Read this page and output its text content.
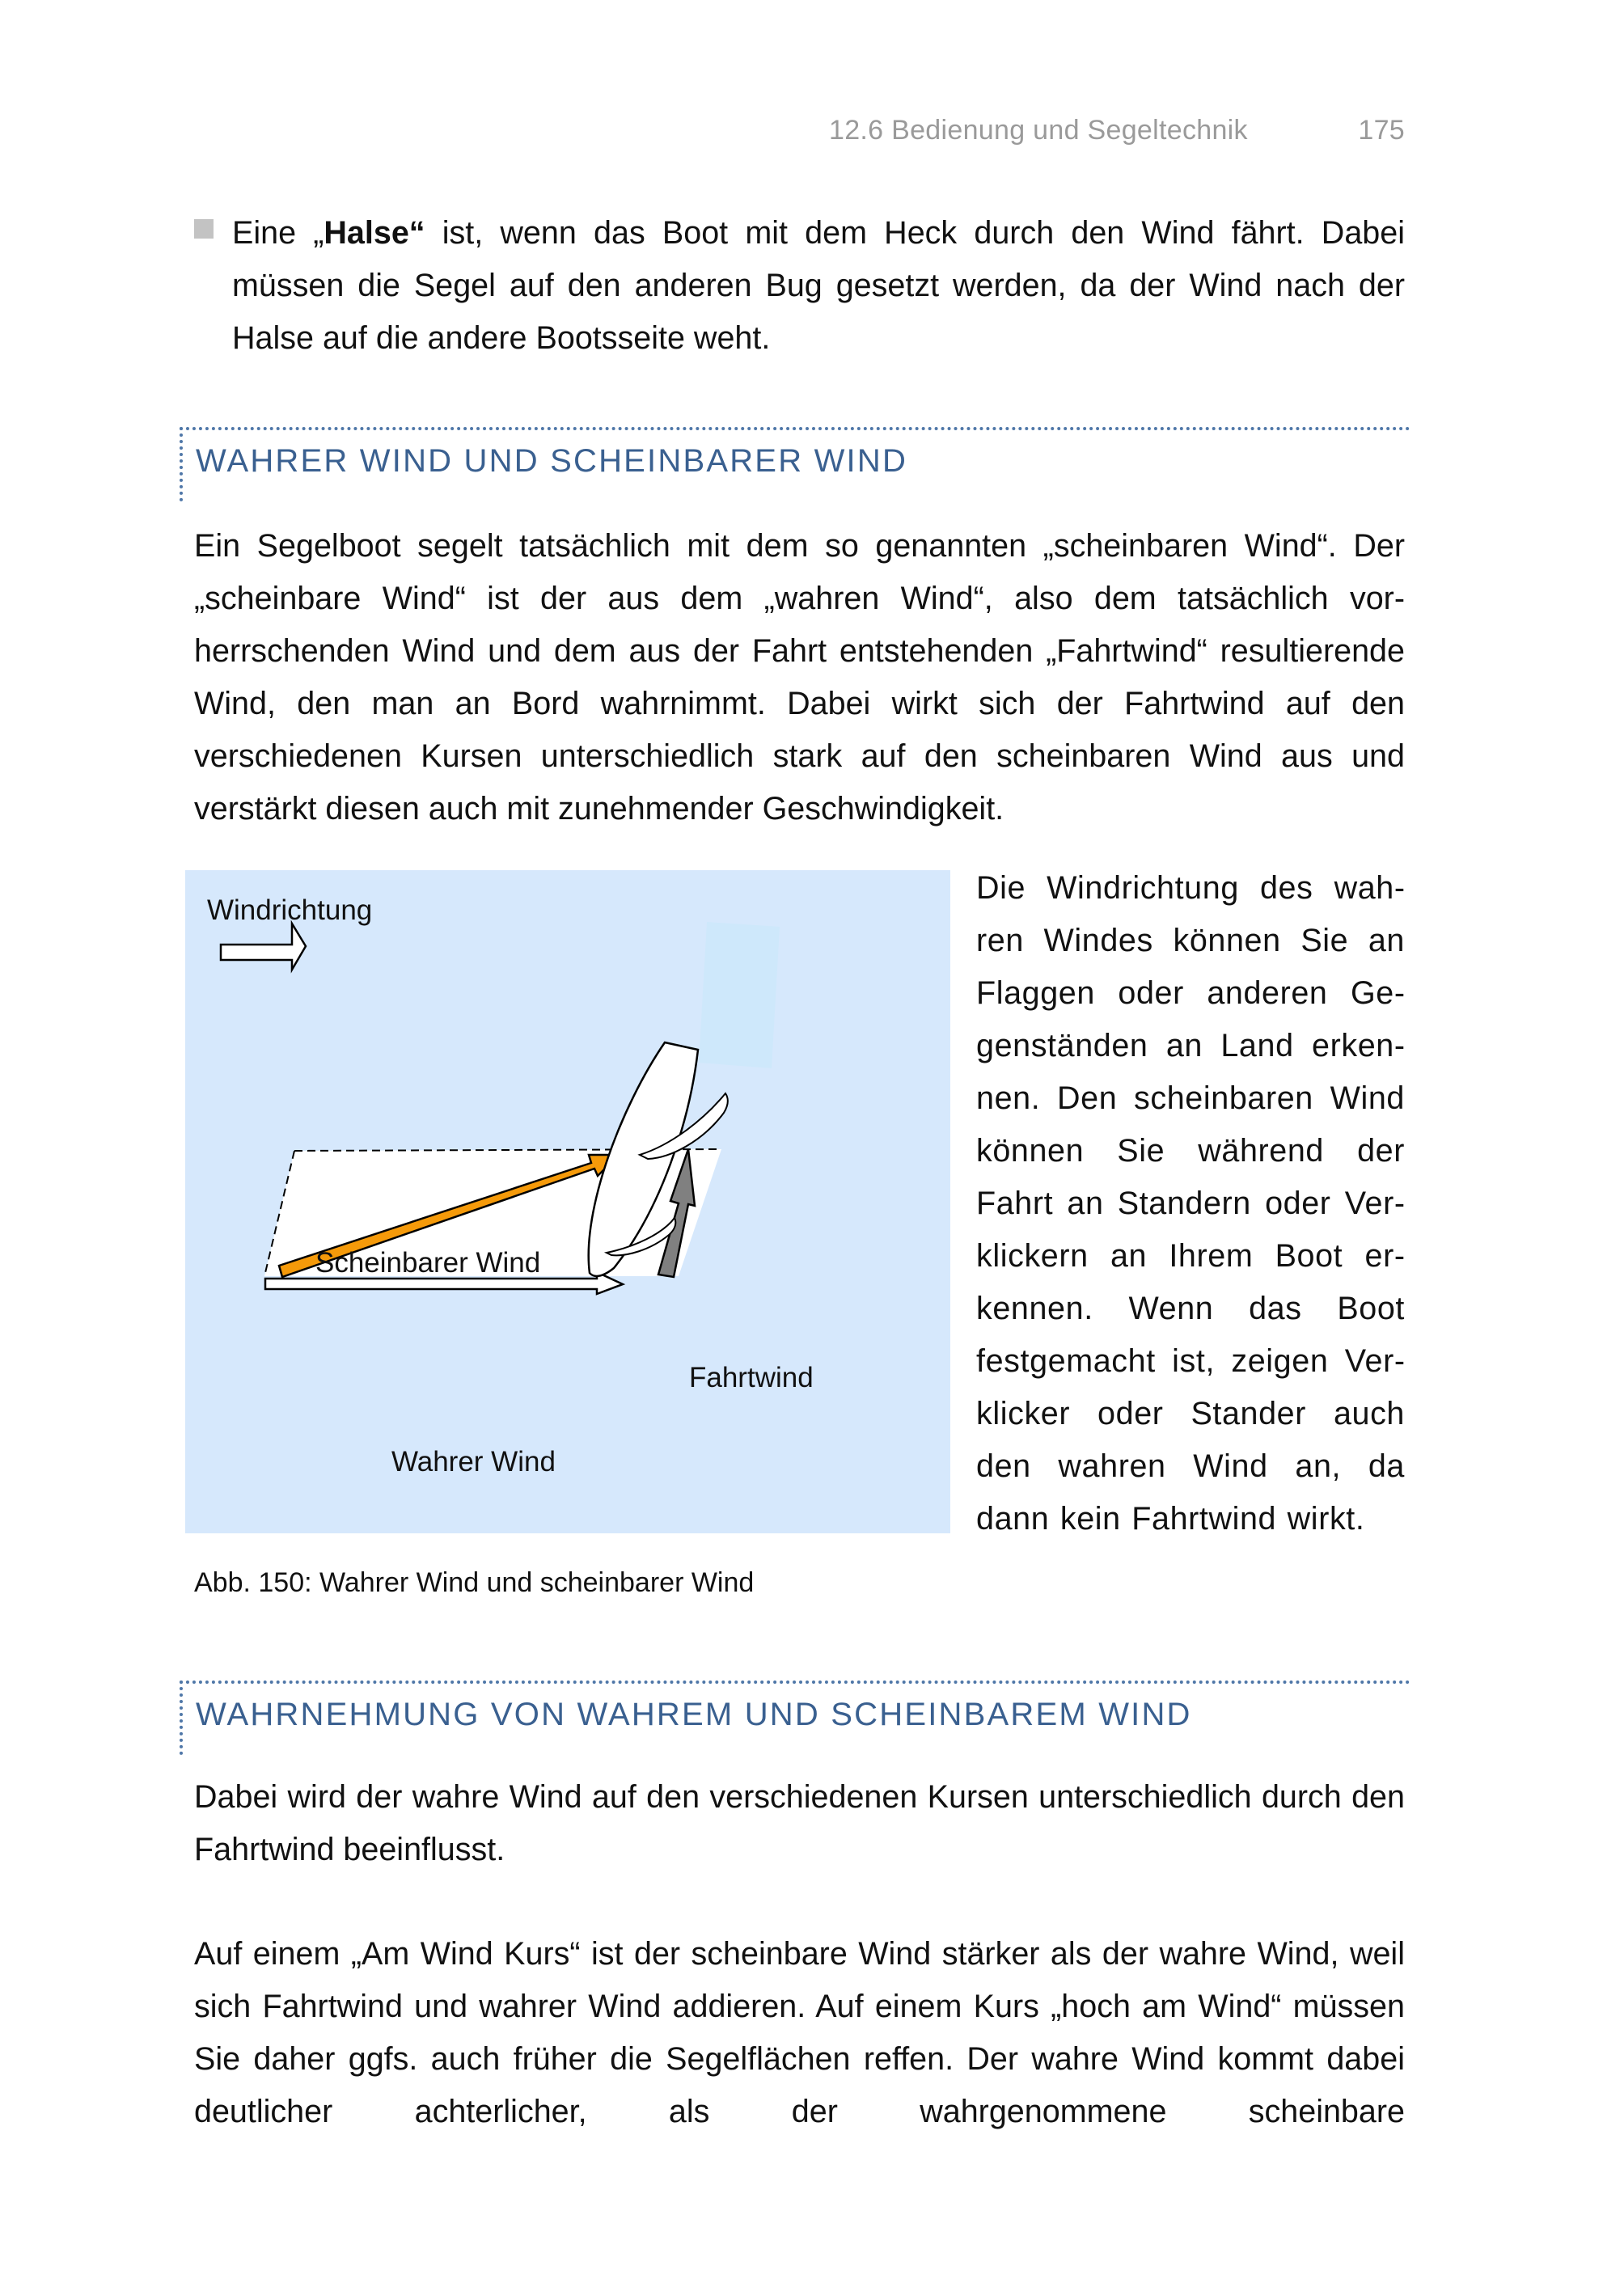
12.6 Bedienung und Segeltechnik	175

Eine „Halse“ ist, wenn das Boot mit dem Heck durch den Wind fährt. Dabei müssen die Segel auf den anderen Bug gesetzt werden, da der Wind nach der Halse auf die andere Bootsseite weht.

WAHRER WIND UND SCHEINBARER WIND

Ein Segelboot segelt tatsächlich mit dem so genannten „scheinbaren Wind“. Der „scheinbare Wind“ ist der aus dem „wahren Wind“, also dem tatsächlich vorherrschenden Wind und dem aus der Fahrt entstehenden „Fahrtwind“ resultierende Wind, den man an Bord wahrnimmt. Dabei wirkt sich der Fahrtwind auf den verschiedenen Kursen unterschiedlich stark auf den scheinbaren Wind aus und verstärkt diesen auch mit zunehmender Geschwindigkeit.

Windrichtung
Scheinbarer Wind
Fahrtwind
Wahrer Wind

Die Windrichtung des wahren Windes können Sie an Flaggen oder anderen Gegenständen an Land erkennen. Den scheinbaren Wind können Sie während der Fahrt an Standern oder Verklickern an Ihrem Boot erkennen. Wenn das Boot festgemacht ist, zeigen Verklicker oder Stander auch den wahren Wind an, da dann kein Fahrtwind wirkt.

Abb. 150: Wahrer Wind und scheinbarer Wind
WAHRNEHMUNG VON WAHREM UND SCHEINBAREM WIND

Dabei wird der wahre Wind auf den verschiedenen Kursen unterschiedlich durch den Fahrtwind beeinflusst.

Auf einem „Am Wind Kurs“ ist der scheinbare Wind stärker als der wahre Wind, weil sich Fahrtwind und wahrer Wind addieren. Auf einem Kurs „hoch am Wind“ müssen Sie daher ggfs. auch früher die Segelflächen reffen. Der wahre Wind kommt dabei deutlicher achterlicher, als der wahrgenommene scheinbare
